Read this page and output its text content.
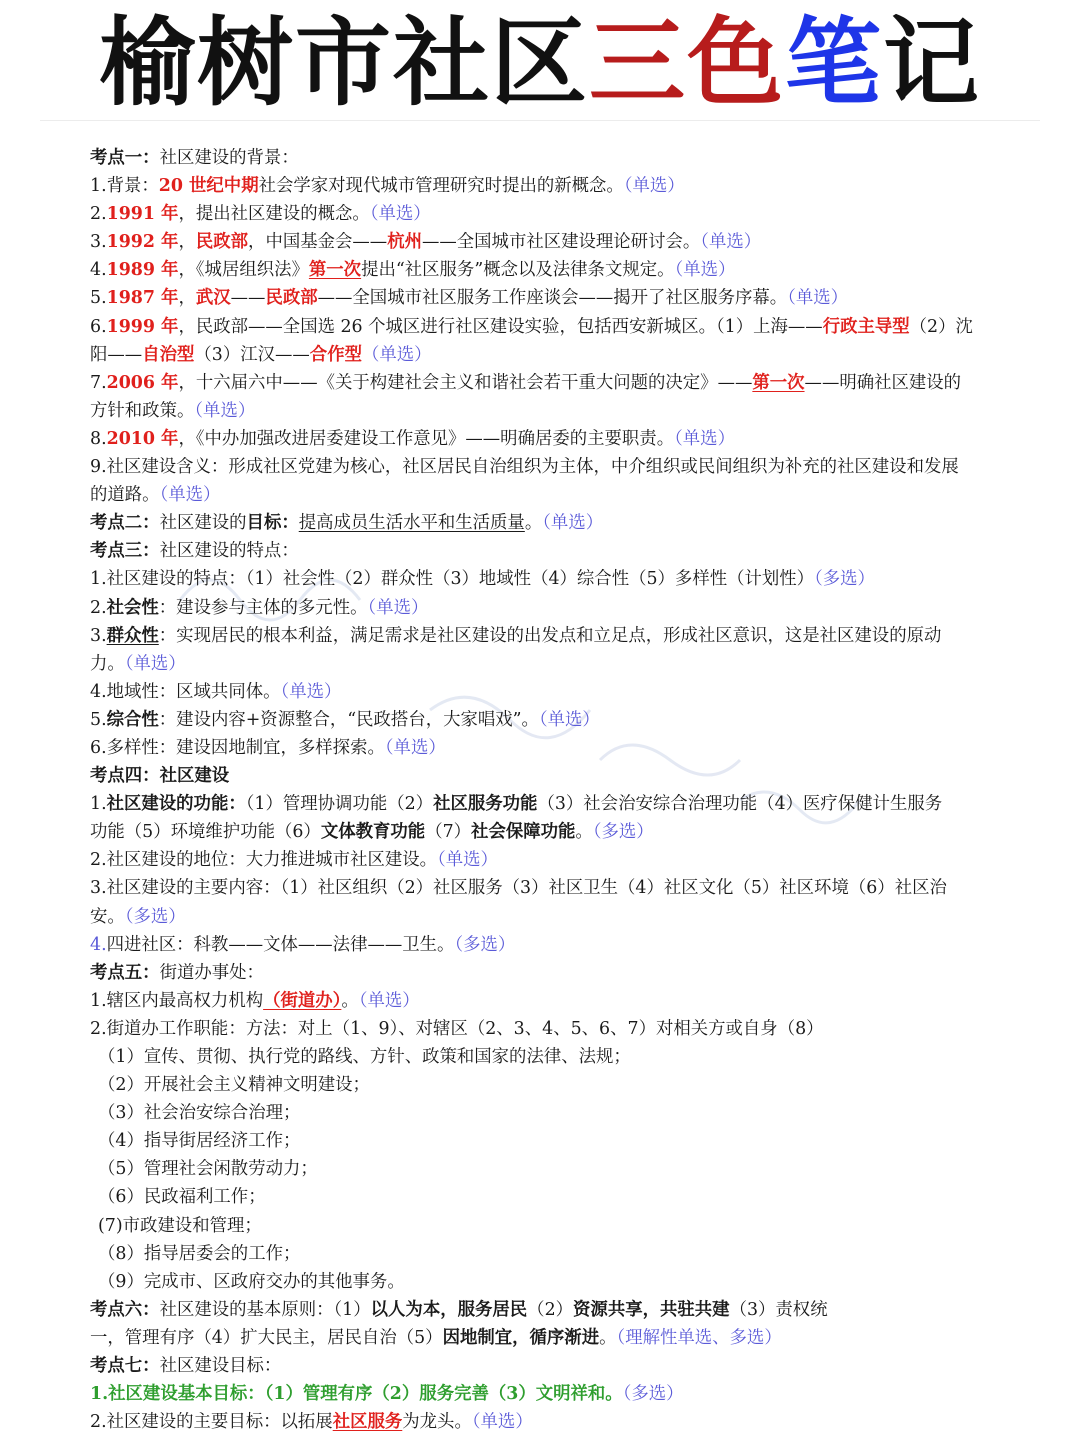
榆树市社区三色笔记
考点一：社区建设的背景：
1.背景：20 世纪中期社会学家对现代城市管理研究时提出的新概念。（单选）
2.1991 年，提出社区建设的概念。（单选）
3.1992 年，民政部，中国基金会——杭州——全国城市社区建设理论研讨会。（单选）
4.1989 年，《城居组织法》第一次提出“社区服务”概念以及法律条文规定。（单选）
5.1987 年，武汉——民政部——全国城市社区服务工作座谈会——揭开了社区服务序幕。（单选）
6.1999 年，民政部——全国选 26 个城区进行社区建设实验，包括西安新城区。（1）上海——行政主导型（2）沈
阳——自治型（3）江汉——合作型（单选）
7.2006 年，十六届六中——《关于构建社会主义和谐社会若干重大问题的决定》——第一次——明确社区建设的
方针和政策。（单选）
8.2010 年，《中办加强改进居委建设工作意见》——明确居委的主要职责。（单选）
9.社区建设含义：形成社区党建为核心，社区居民自治组织为主体，中介组织或民间组织为补充的社区建设和发展
的道路。（单选）
考点二：社区建设的目标：提高成员生活水平和生活质量。（单选）
考点三：社区建设的特点：
1.社区建设的特点：（1）社会性（2）群众性（3）地域性（4）综合性（5）多样性（计划性）（多选）
2.社会性：建设参与主体的多元性。（单选）
3.群众性：实现居民的根本利益，满足需求是社区建设的出发点和立足点，形成社区意识，这是社区建设的原动
力。（单选）
4.地域性：区域共同体。（单选）
5.综合性：建设内容+资源整合，“民政搭台，大家唱戏”。（单选）
6.多样性：建设因地制宜，多样探索。（单选）
考点四：社区建设
1.社区建设的功能：（1）管理协调功能（2）社区服务功能（3）社会治安综合治理功能（4）医疗保健计生服务
功能（5）环境维护功能（6）文体教育功能（7）社会保障功能。（多选）
2.社区建设的地位：大力推进城市社区建设。（单选）
3.社区建设的主要内容：（1）社区组织（2）社区服务（3）社区卫生（4）社区文化（5）社区环境（6）社区治
安。（多选）
4.四进社区：科教——文体——法律——卫生。（多选）
考点五：街道办事处：
1.辖区内最高权力机构（街道办）。（单选）
2.街道办工作职能：方法：对上（1、9）、对辖区（2、3、4、5、6、7）对相关方或自身（8）
（1）宣传、贯彻、执行党的路线、方针、政策和国家的法律、法规；
（2）开展社会主义精神文明建设；
（3）社会治安综合治理；
（4）指导街居经济工作；
（5）管理社会闲散劳动力；
（6）民政福利工作；
(7)市政建设和管理；
（8）指导居委会的工作；
（9）完成市、区政府交办的其他事务。
考点六：社区建设的基本原则：（1）以人为本，服务居民（2）资源共享，共驻共建（3）责权统
一，管理有序（4）扩大民主，居民自治（5）因地制宜，循序渐进。（理解性单选、多选）
考点七：社区建设目标：
1.社区建设基本目标：（1）管理有序（2）服务完善（3）文明祥和。（多选）
2.社区建设的主要目标：以拓展社区服务为龙头。（单选）
